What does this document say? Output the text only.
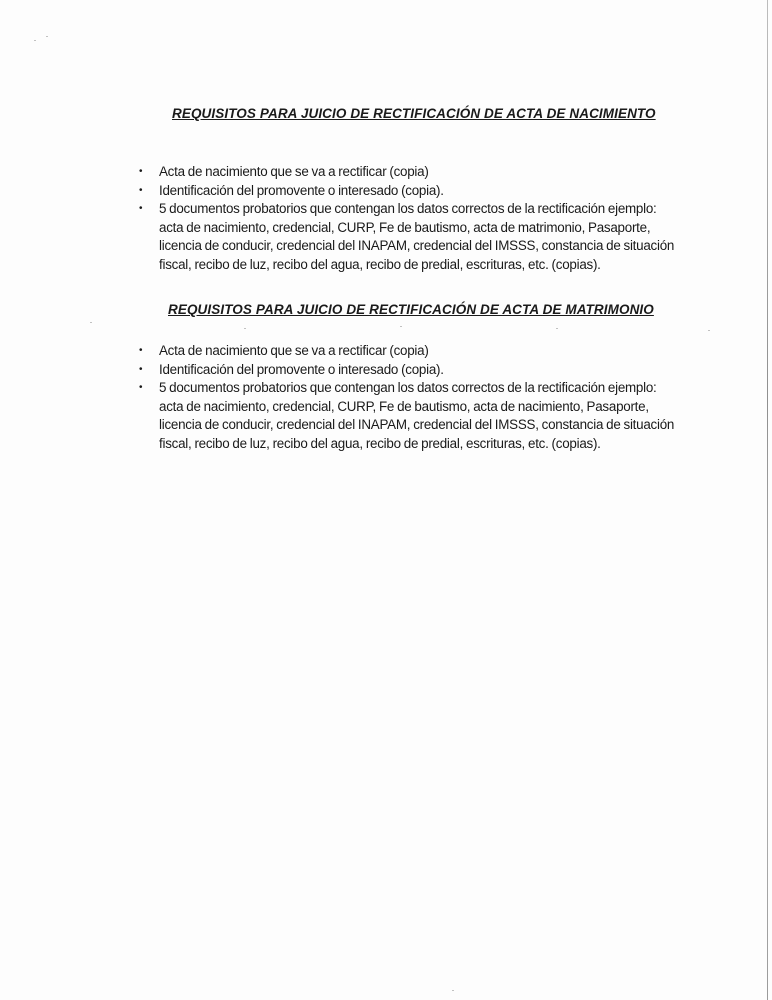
REQUISITOS PARA JUICIO DE RECTIFICACIÓN DE ACTA DE NACIMIENTO
• Acta de nacimiento que se va a rectificar (copia)
• Identificación del promovente o interesado (copia).
• 5 documentos probatorios que contengan los datos correctos de la rectificación ejemplo: acta de nacimiento, credencial, CURP, Fe de bautismo, acta de matrimonio, Pasaporte, licencia de conducir, credencial del INAPAM, credencial del IMSSS, constancia de situación fiscal, recibo de luz, recibo del agua, recibo de predial, escrituras, etc. (copias).
REQUISITOS PARA JUICIO DE RECTIFICACIÓN DE ACTA DE MATRIMONIO
• Acta de nacimiento que se va a rectificar (copia)
• Identificación del promovente o interesado (copia).
• 5 documentos probatorios que contengan los datos correctos de la rectificación ejemplo: acta de nacimiento, credencial, CURP, Fe de bautismo, acta de nacimiento, Pasaporte, licencia de conducir, credencial del INAPAM, credencial del IMSSS, constancia de situación fiscal, recibo de luz, recibo del agua, recibo de predial, escrituras, etc. (copias).
